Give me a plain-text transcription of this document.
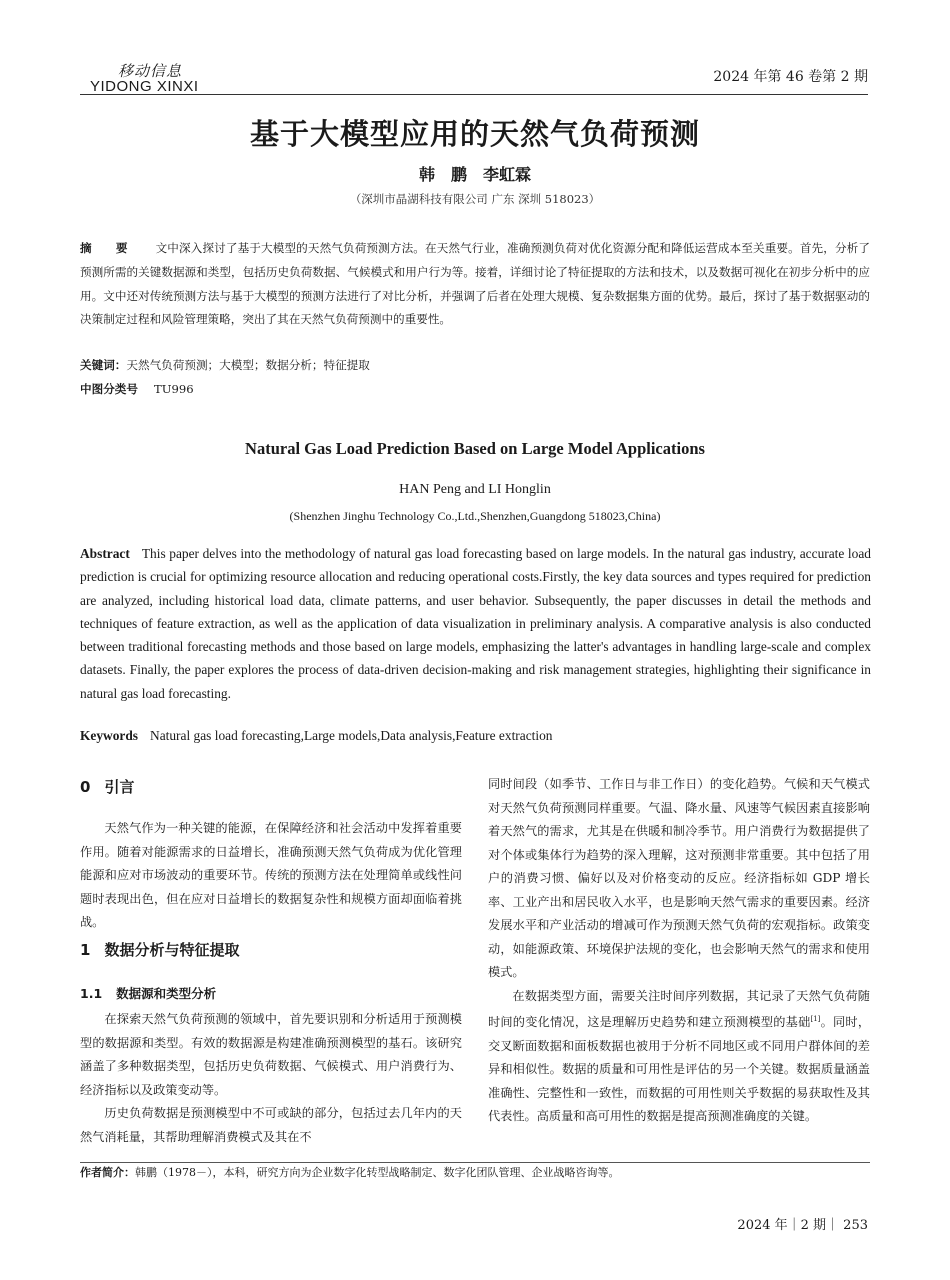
移动信息
YIDONG XINXI
2024 年第 46 卷第 2 期
基于大模型应用的天然气负荷预测
韩　鹏　李虹霖
（深圳市晶湖科技有限公司 广东 深圳 518023）
摘 要 文中深入探讨了基于大模型的天然气负荷预测方法。在天然气行业，准确预测负荷对优化资源分配和降低运营成本至关重要。首先，分析了预测所需的关键数据源和类型，包括历史负荷数据、气候模式和用户行为等。接着，详细讨论了特征提取的方法和技术，以及数据可视化在初步分析中的应用。文中还对传统预测方法与基于大模型的预测方法进行了对比分析，并强调了后者在处理大规模、复杂数据集方面的优势。最后，探讨了基于数据驱动的决策制定过程和风险管理策略，突出了其在天然气负荷预测中的重要性。
关键词：天然气负荷预测；大模型；数据分析；特征提取
中图分类号 TU996
Natural Gas Load Prediction Based on Large Model Applications
HAN Peng and LI Honglin
(Shenzhen Jinghu Technology Co.,Ltd.,Shenzhen,Guangdong 518023,China)
Abstract This paper delves into the methodology of natural gas load forecasting based on large models. In the natural gas industry, accurate load prediction is crucial for optimizing resource allocation and reducing operational costs.Firstly, the key data sources and types required for prediction are analyzed, including historical load data, climate patterns, and user behavior. Subsequently, the paper discusses in detail the methods and techniques of feature extraction, as well as the application of data visualization in preliminary analysis. A comparative analysis is also conducted between traditional forecasting methods and those based on large models, emphasizing the latter's advantages in handling large-scale and complex datasets. Finally, the paper explores the process of data-driven decision-making and risk management strategies, highlighting their significance in natural gas load forecasting.
Keywords Natural gas load forecasting,Large models,Data analysis,Feature extraction
0 引言

天然气作为一种关键的能源，在保障经济和社会活动中发挥着重要作用。随着对能源需求的日益增长，准确预测天然气负荷成为优化管理能源和应对市场波动的重要环节。传统的预测方法在处理简单或线性问题时表现出色，但在应对日益增长的数据复杂性和规模方面却面临着挑战。

1 数据分析与特征提取
1.1 数据源和类型分析

在探索天然气负荷预测的领域中，首先要识别和分析适用于预测模型的数据源和类型。有效的数据源是构建准确预测模型的基石。该研究涵盖了多种数据类型，包括历史负荷数据、气候模式、用户消费行为、经济指标以及政策变动等。

历史负荷数据是预测模型中不可或缺的部分，包括过去几年内的天然气消耗量，其帮助理解消费模式及其在不

同时间段（如季节、工作日与非工作日）的变化趋势。气候和天气模式对天然气负荷预测同样重要。气温、降水量、风速等气候因素直接影响着天然气的需求，尤其是在供暖和制冷季节。用户消费行为数据提供了对个体或集体行为趋势的深入理解，这对预测非常重要。其中包括了用户的消费习惯、偏好以及对价格变动的反应。经济指标如 GDP 增长率、工业产出和居民收入水平，也是影响天然气需求的重要因素。经济发展水平和产业活动的增减可作为预测天然气负荷的宏观指标。政策变动，如能源政策、环境保护法规的变化，也会影响天然气的需求和使用模式。

在数据类型方面，需要关注时间序列数据，其记录了天然气负荷随时间的变化情况，这是理解历史趋势和建立预测模型的基础[1]。同时，交叉断面数据和面板数据也被用于分析不同地区或不同用户群体间的差异和相似性。数据的质量和可用性是评估的另一个关键。数据质量涵盖准确性、完整性和一致性，而数据的可用性则关乎数据的易获取性及其代表性。高质量和高可用性的数据是提高预测准确度的关键。

作者简介：韩鹏（1978－），本科，研究方向为企业数字化转型战略制定、数字化团队管理、企业战略咨询等。
2024 年｜2 期｜ 253
